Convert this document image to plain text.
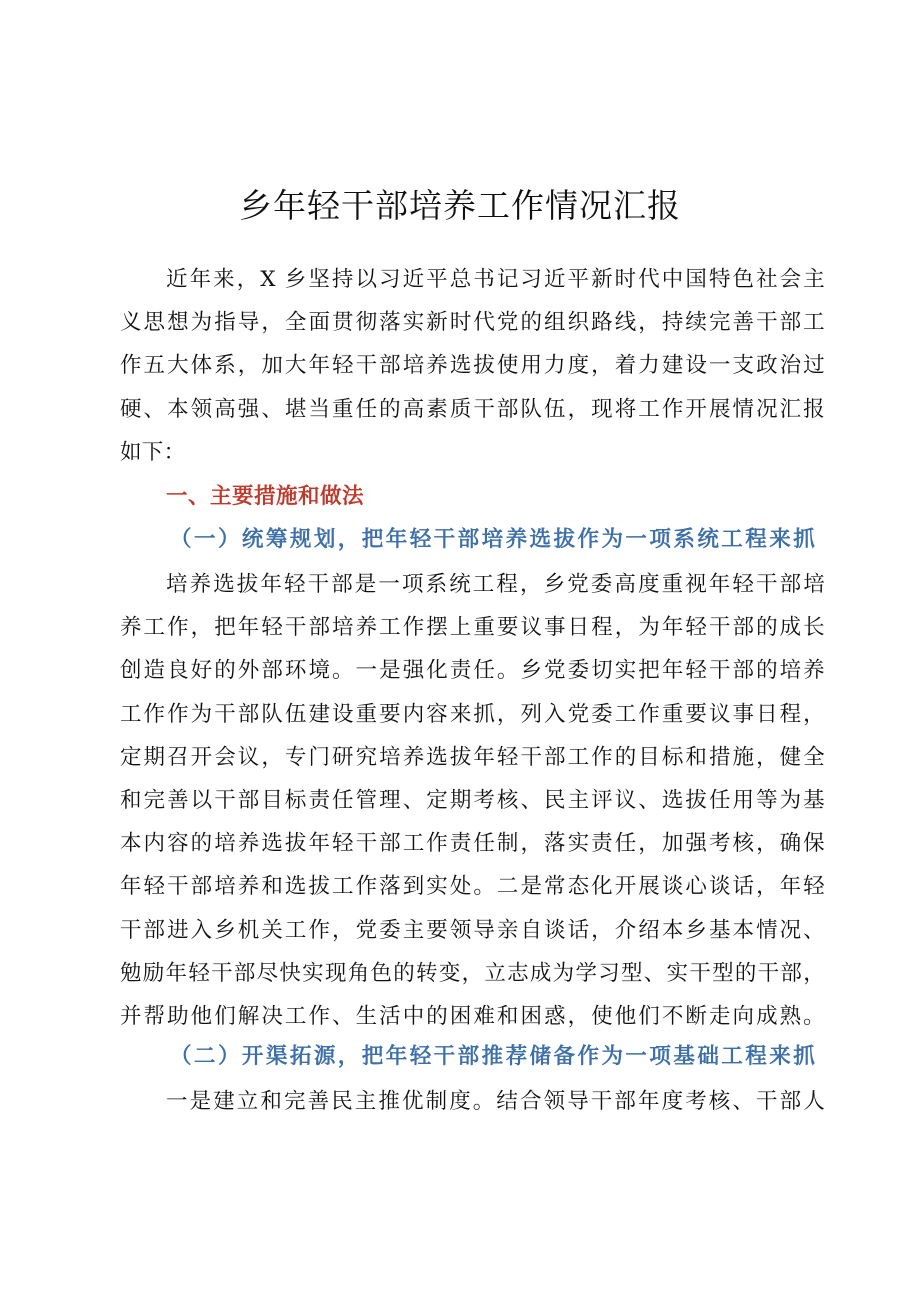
乡年轻干部培养工作情况汇报
近年来，X 乡坚持以习近平总书记习近平新时代中国特色社会主
义思想为指导，全面贯彻落实新时代党的组织路线，持续完善干部工
作五大体系，加大年轻干部培养选拔使用力度，着力建设一支政治过
硬、本领高强、堪当重任的高素质干部队伍，现将工作开展情况汇报
如下：
一、主要措施和做法
（一）统筹规划，把年轻干部培养选拔作为一项系统工程来抓
培养选拔年轻干部是一项系统工程，乡党委高度重视年轻干部培
养工作，把年轻干部培养工作摆上重要议事日程，为年轻干部的成长
创造良好的外部环境。一是强化责任。乡党委切实把年轻干部的培养
工作作为干部队伍建设重要内容来抓，列入党委工作重要议事日程，
定期召开会议，专门研究培养选拔年轻干部工作的目标和措施，健全
和完善以干部目标责任管理、定期考核、民主评议、选拔任用等为基
本内容的培养选拔年轻干部工作责任制，落实责任，加强考核，确保
年轻干部培养和选拔工作落到实处。二是常态化开展谈心谈话，年轻
干部进入乡机关工作，党委主要领导亲自谈话，介绍本乡基本情况、
勉励年轻干部尽快实现角色的转变，立志成为学习型、实干型的干部，
并帮助他们解决工作、生活中的困难和困惑，使他们不断走向成熟。
（二）开渠拓源，把年轻干部推荐储备作为一项基础工程来抓
一是建立和完善民主推优制度。结合领导干部年度考核、干部人
